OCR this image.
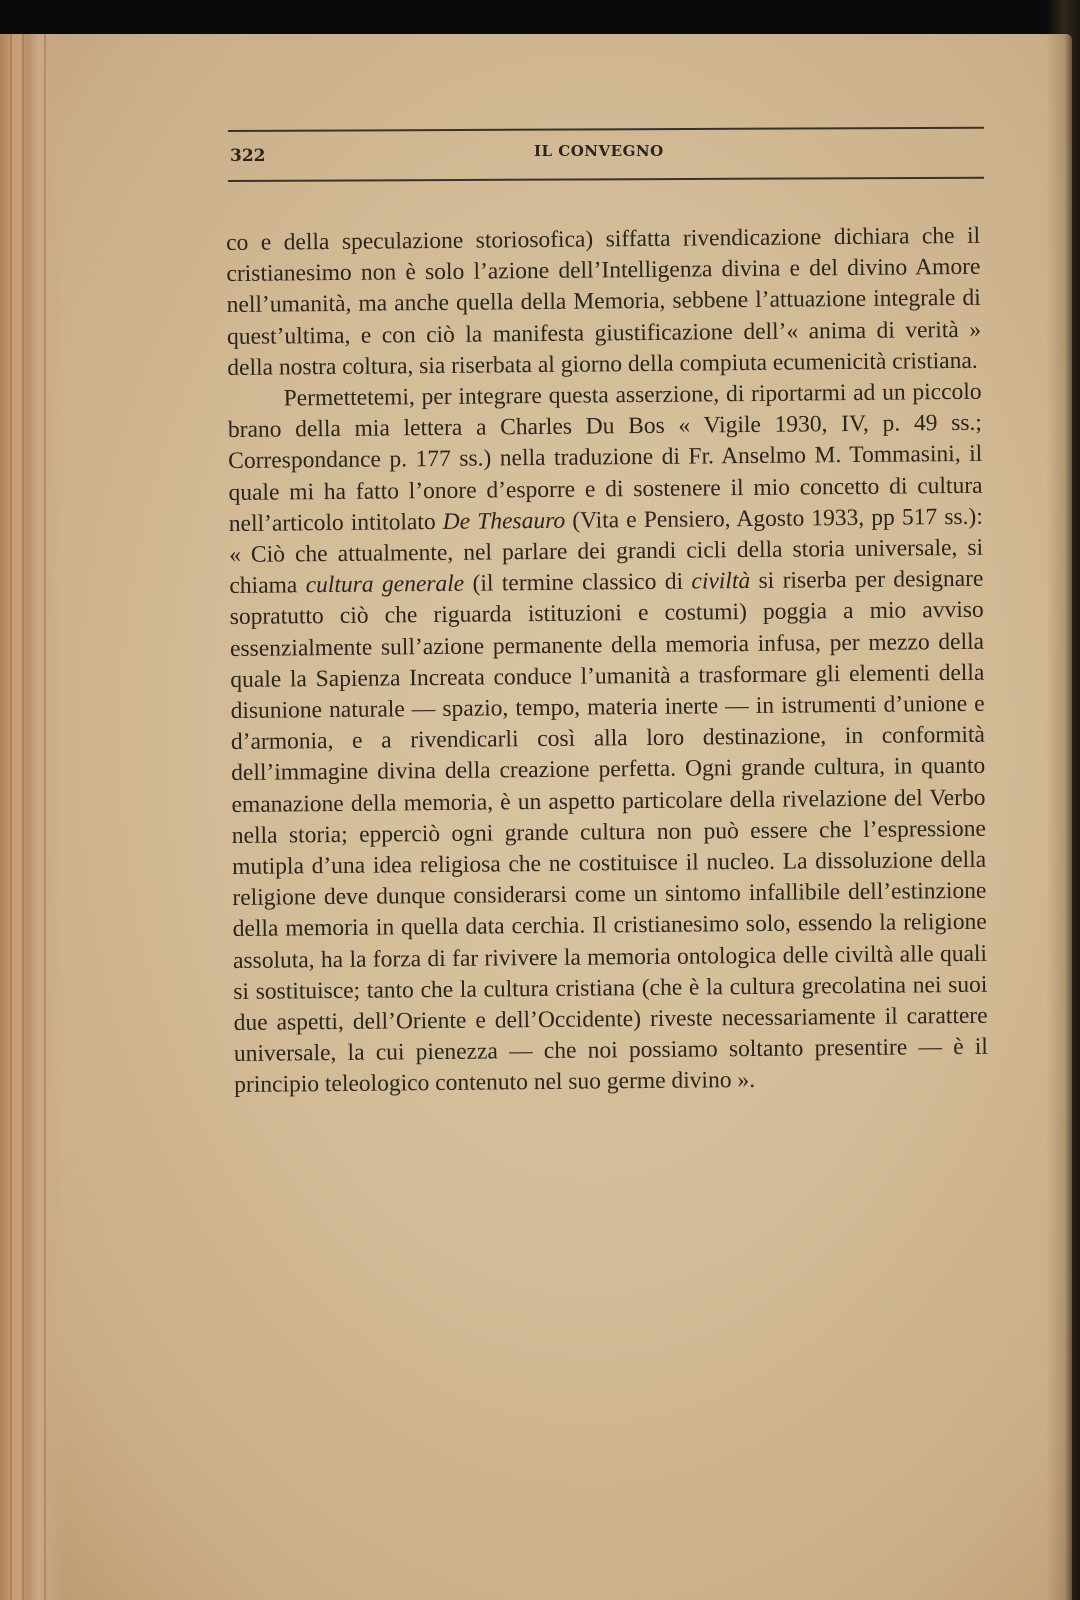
322	IL CONVEGNO

co e della speculazione storiosofica) siffatta rivendicazione dichiara che il cristianesimo non è solo l’azione dell’Intelligenza divina e del divino Amore nell’umanità, ma anche quella della Memoria, sebbene l’attuazione integrale di quest’ultima, e con ciò la manifesta giustificazione dell’« anima di verità » della nostra coltura, sia riserbata al giorno della compiuta ecumenicità cristiana.

Permettetemi, per integrare questa asserzione, di riportarmi ad un piccolo brano della mia lettera a Charles Du Bos « Vigile 1930, IV, p. 49 ss.; Correspondance p. 177 ss.) nella traduzione di Fr. Anselmo M. Tommasini, il quale mi ha fatto l’onore d’esporre e di sostenere il mio concetto di cultura nell’articolo intitolato De Thesauro (Vita e Pensiero, Agosto 1933, pp 517 ss.): « Ciò che attualmente, nel parlare dei grandi cicli della storia universale, si chiama cultura generale (il termine classico di civiltà si riserba per designare sopratutto ciò che riguarda istituzioni e costumi) poggia a mio avviso essenzialmente sull’azione permanente della memoria infusa, per mezzo della quale la Sapienza Increata conduce l’umanità a trasformare gli elementi della disunione naturale — spazio, tempo, materia inerte — in istrumenti d’unione e d’armonia, e a rivendicarli così alla loro destinazione, in conformità dell’immagine divina della creazione perfetta. Ogni grande cultura, in quanto emanazione della memoria, è un aspetto particolare della rivelazione del Verbo nella storia; epperciò ogni grande cultura non può essere che l’espressione mutipla d’una idea religiosa che ne costituisce il nucleo. La dissoluzione della religione deve dunque considerarsi come un sintomo infallibile dell’estinzione della memoria in quella data cerchia. Il cristianesimo solo, essendo la religione assoluta, ha la forza di far rivivere la memoria ontologica delle civiltà alle quali si sostituisce; tanto che la cultura cristiana (che è la cultura grecolatina nei suoi due aspetti, dell’Oriente e dell’Occidente) riveste necessariamente il carattere universale, la cui pienezza — che noi possiamo soltanto presentire — è il principio teleologico contenuto nel suo germe divino ».
